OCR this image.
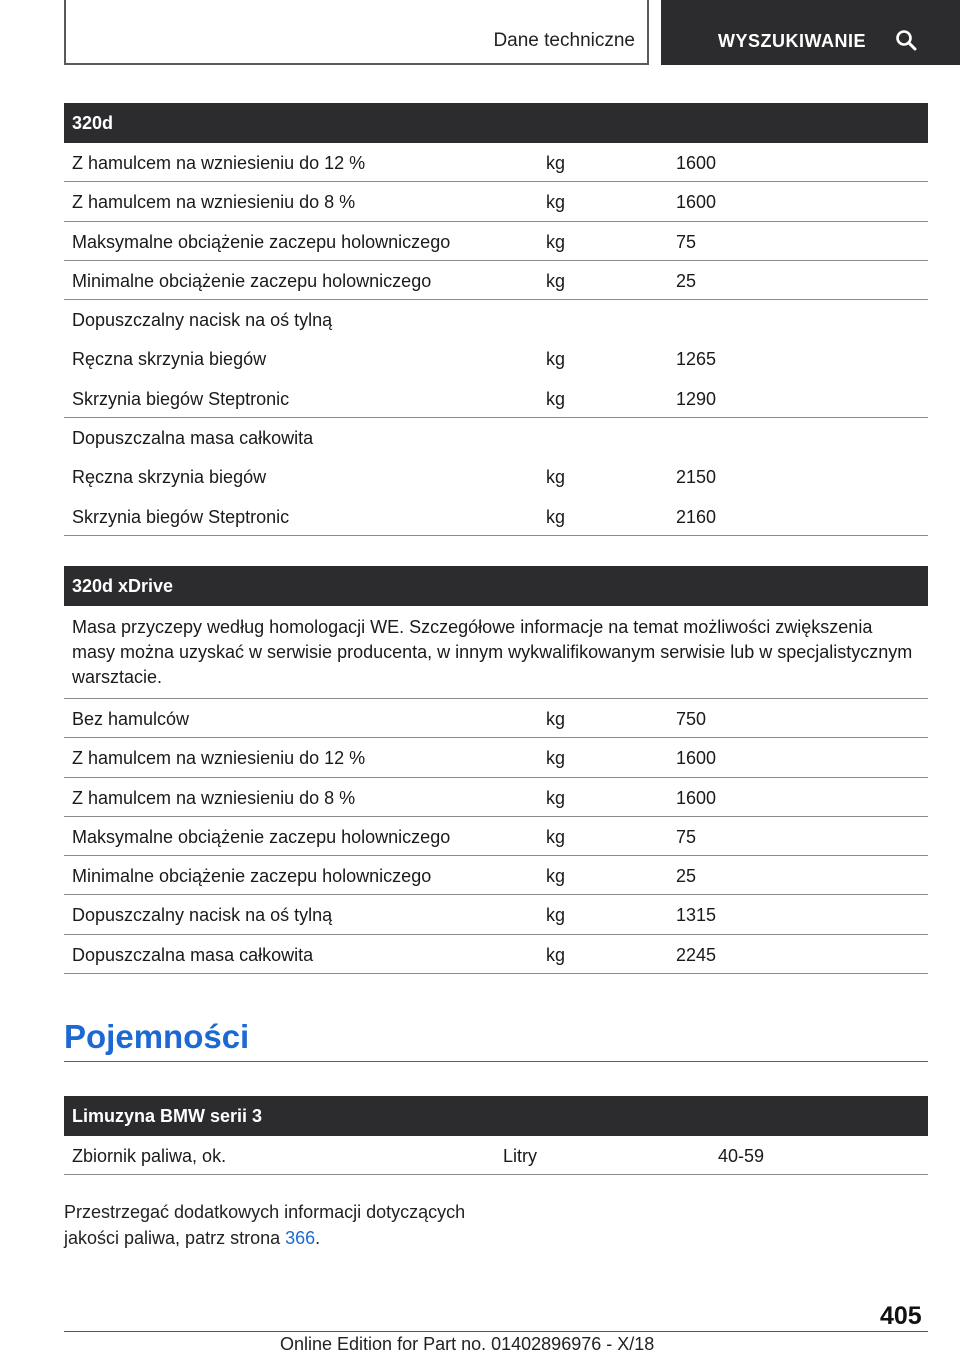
Dane techniczne	WYSZUKIWANIE
320d
Z hamulcem na wzniesieniu do 12 %	kg	1600
Z hamulcem na wzniesieniu do 8 %	kg	1600
Maksymalne obciążenie zaczepu holowniczego	kg	75
Minimalne obciążenie zaczepu holowniczego	kg	25
Dopuszczalny nacisk na oś tylną
Ręczna skrzynia biegów	kg	1265
Skrzynia biegów Steptronic	kg	1290
Dopuszczalna masa całkowita
Ręczna skrzynia biegów	kg	2150
Skrzynia biegów Steptronic	kg	2160
320d xDrive
Masa przyczepy według homologacji WE. Szczegółowe informacje na temat możliwości zwiększenia masy można uzyskać w serwisie producenta, w innym wykwalifikowanym serwisie lub w specjalistycznym warsztacie.
Bez hamulców	kg	750
Z hamulcem na wzniesieniu do 12 %	kg	1600
Z hamulcem na wzniesieniu do 8 %	kg	1600
Maksymalne obciążenie zaczepu holowniczego	kg	75
Minimalne obciążenie zaczepu holowniczego	kg	25
Dopuszczalny nacisk na oś tylną	kg	1315
Dopuszczalna masa całkowita	kg	2245
Pojemności
Limuzyna BMW serii 3
Zbiornik paliwa, ok.	Litry	40-59
Przestrzegać dodatkowych informacji dotyczących jakości paliwa, patrz strona 366.
405
Online Edition for Part no. 01402896976 - X/18
